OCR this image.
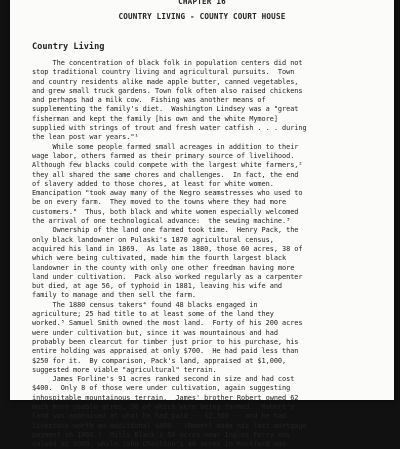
CHAPTER 16
COUNTRY LIVING - COUNTY COURT HOUSE
Country Living
The concentration of black folk in population centers did not
stop traditional country living and agricultural pursuits.  Town
and country residents alike made apple butter, canned vegetables,
and grew small truck gardens. Town folk often also raised chickens
and perhaps had a milk cow.  Fishing was another means of
supplementing the family's diet.  Washington Lindsey was a "great
fisherman and kept the family [his own and the white Mymore]
supplied with strings of trout and fresh water catfish . . . during
the lean post war years."¹
While some people farmed small acreages in addition to their
wage labor, others farmed as their primary source of livelihood.
Although few blacks could compete with the largest white farmers,²
they all shared the same chores and challenges.  In fact, the end
of slavery added to those chores, at least for white women.
Emancipation "took away many of the Negro seamstresses who used to
be on every farm.  They moved to the towns where they had more
customers."  Thus, both black and white women especially welcomed
the arrival of one technological advance:  the sewing machine.³
Ownership of the land one farmed took time.  Henry Pack, the
only black landowner on Pulaski's 1870 agricultural census,
acquired his land in 1869.  As late as 1880, those 60 acres, 38 of
which were being cultivated, made him the fourth largest black
landowner in the county with only one other freedman having more
land under cultivation.  Pack also worked regularly as a carpenter
but died, at age 56, of typhoid in 1881, leaving his wife and
family to manage and then sell the farm.
The 1880 census takers⁴ found 48 blacks engaged in
agriculture; 25 had title to at least some of the land they
worked.⁵ Samuel Smith owned the most land.  Forty of his 200 acres
were under cultivation but, since it was mountainous and had
probably been clearcut for timber just prior to his purchase, his
entire holding was appraised at only $700.  He had paid less than
$250 for it.  By comparison, Pack's land, appraised at $1,000,
suggested more viable "agricultural" terrain.
James Forline's 91 acres ranked second in size and had cost
$400.  Only 8 of those were under cultivation, again suggesting
inhospitable mountainous terrain.  James' brother Robert owned 62
much more usable acres, 30 of which were being farmed.  Robert's
land was appraised at what he had paid -- $2,300 -- and he had
livestock worth an additional $400.  (Robert made his last mortgage
payment in 1908.)  Mills Black's 50 acres near Ingles Ferry was
valued at $900, while John Charlton's 48 acres in Rockford was
